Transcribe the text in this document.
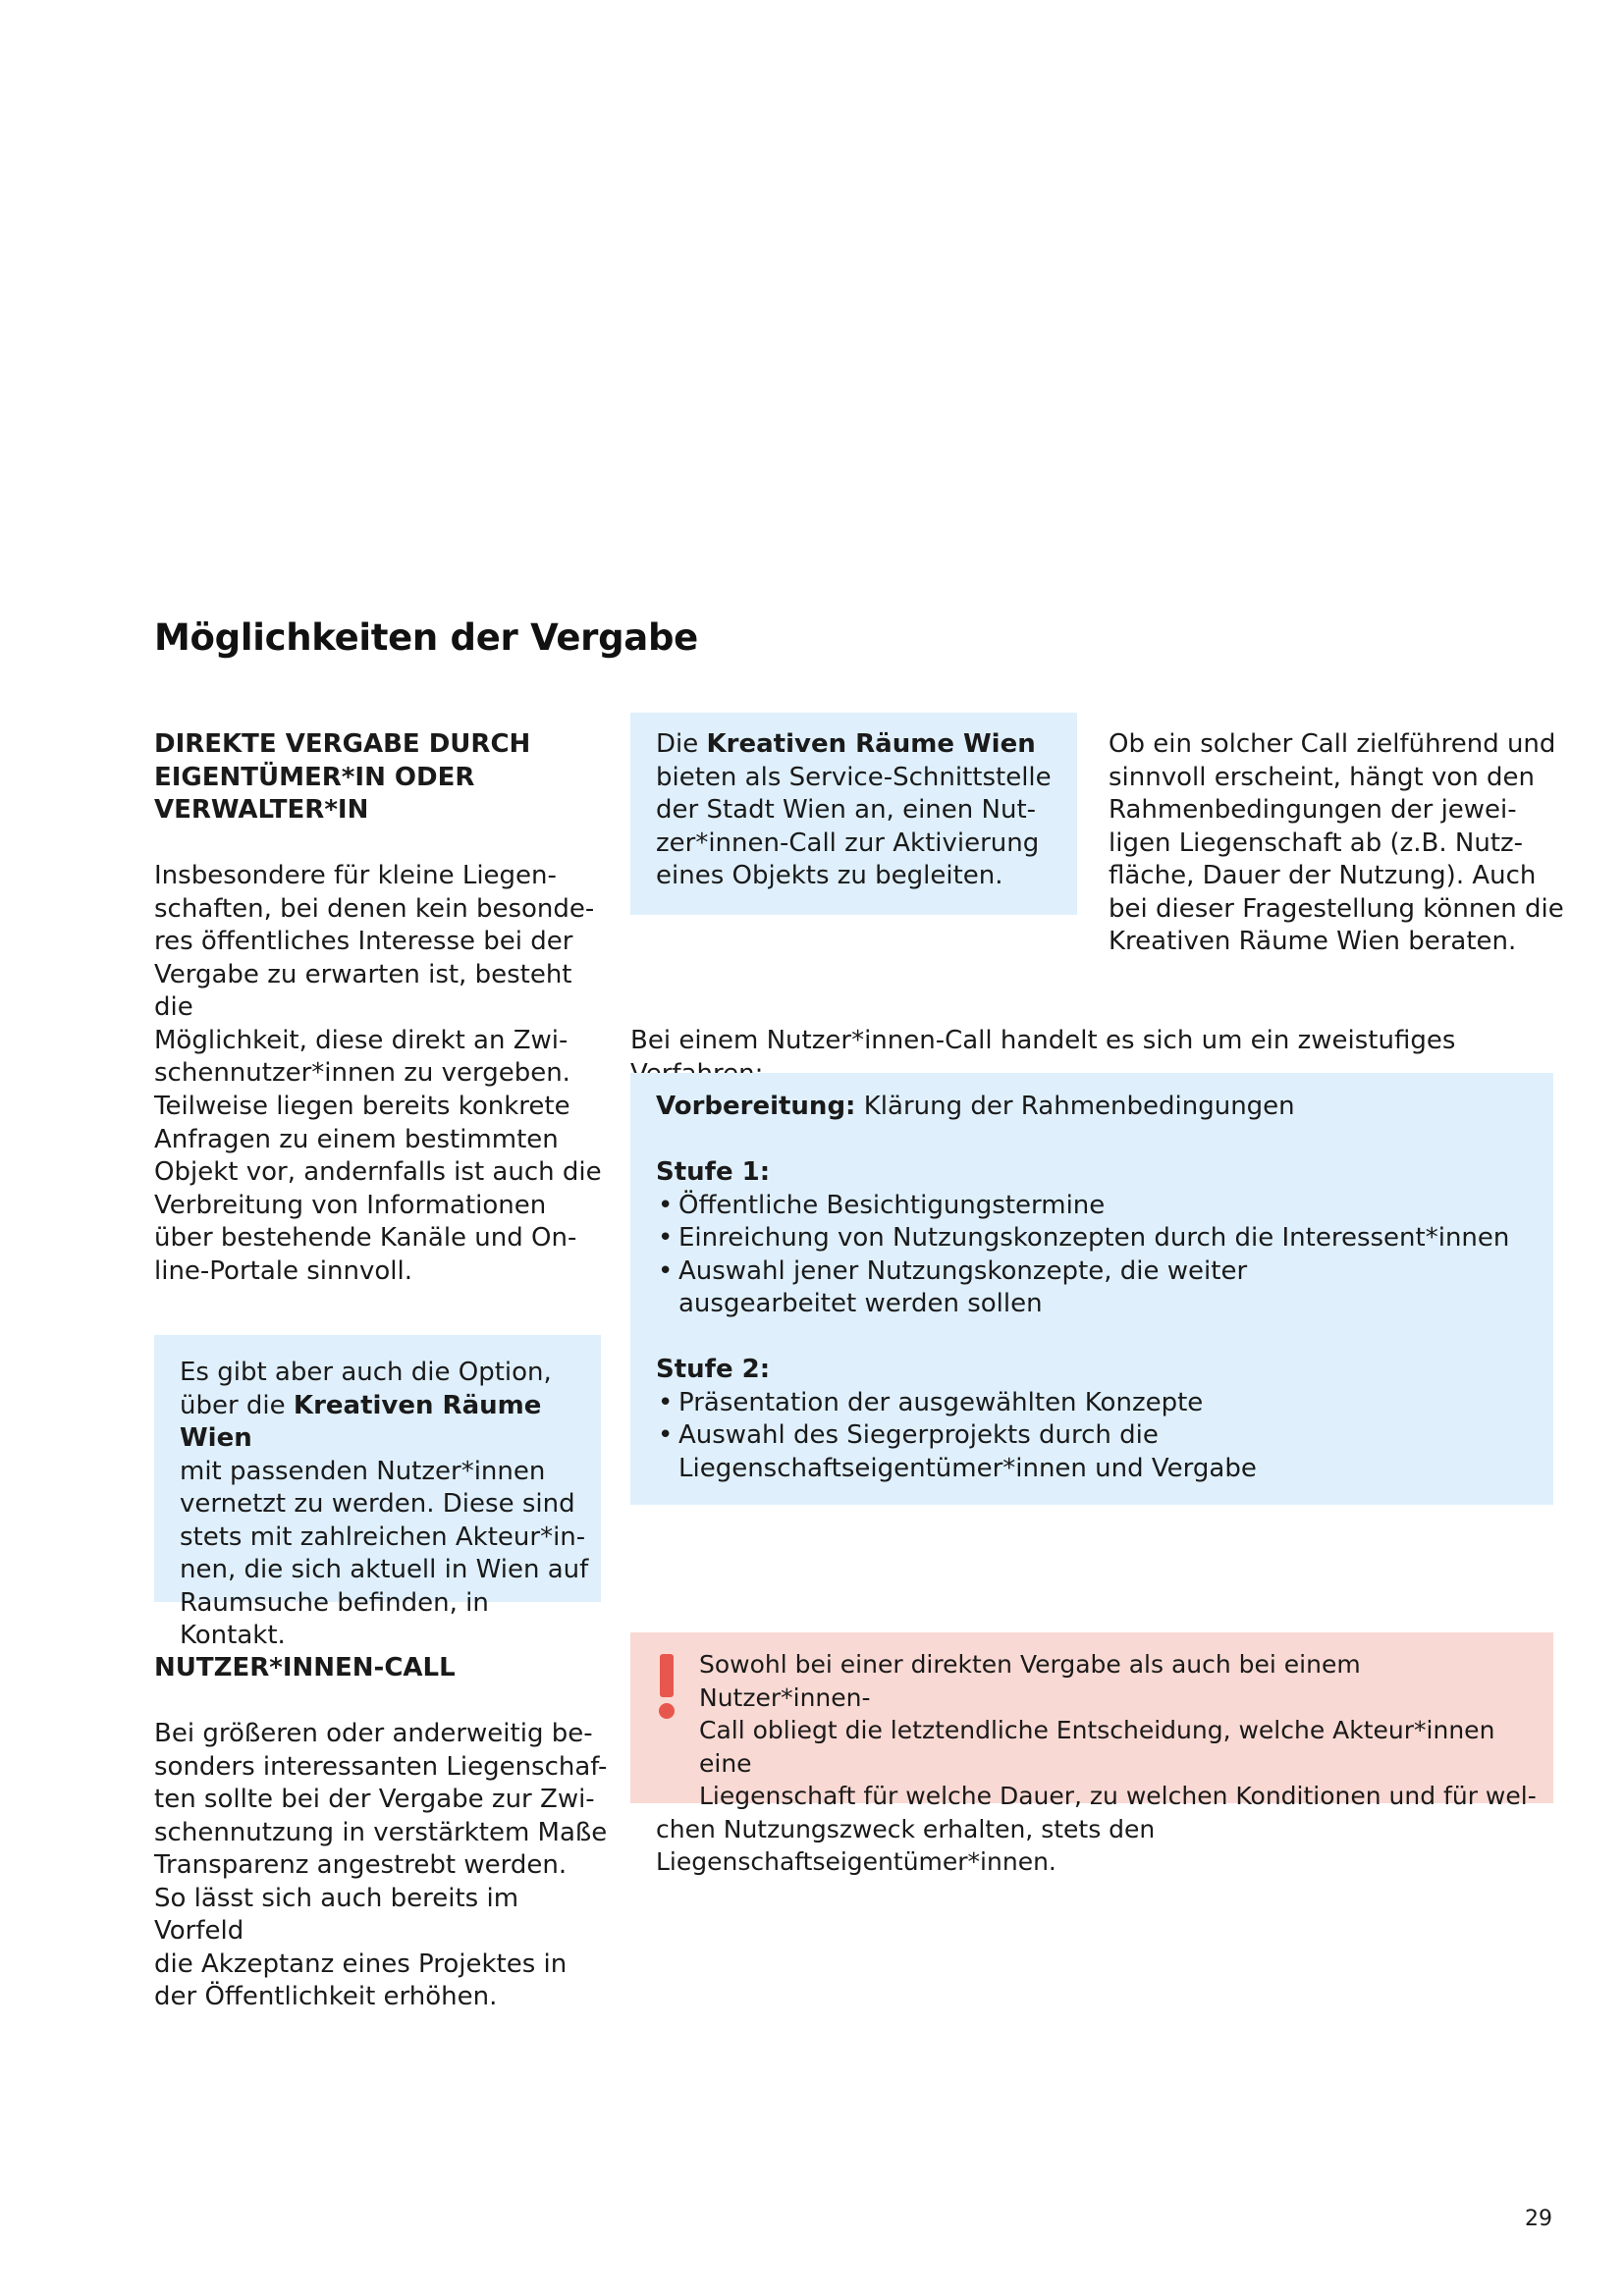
Möglichkeiten der Vergabe
DIREKTE VERGABE DURCH
EIGENTÜMER*IN ODER
VERWALTER*IN

Insbesondere für kleine Liegen-

schaften, bei denen kein besonde-

res öffentliches Interesse bei der

Vergabe zu erwarten ist, besteht die

Möglichkeit, diese direkt an Zwi-

schennutzer*innen zu vergeben.

Teilweise liegen bereits konkrete

Anfragen zu einem bestimmten

Objekt vor, andernfalls ist auch die

Verbreitung von Informationen

über bestehende Kanäle und On-

line-Portale sinnvoll.

Es gibt aber auch die Option,

über die Kreativen Räume Wien

mit passenden Nutzer*innen

vernetzt zu werden. Diese sind

stets mit zahlreichen Akteur*in-

nen, die sich aktuell in Wien auf

Raumsuche befinden, in Kontakt.

NUTZER*INNEN-CALL

Bei größeren oder anderweitig be-

sonders interessanten Liegenschaf-

ten sollte bei der Vergabe zur Zwi-

schennutzung in verstärktem Maße

Transparenz angestrebt werden.

So lässt sich auch bereits im Vorfeld

die Akzeptanz eines Projektes in

der Öffentlichkeit erhöhen.

Die Kreativen Räume Wien

bieten als Service-Schnittstelle

der Stadt Wien an, einen Nut-

zer*innen-Call zur Aktivierung

eines Objekts zu begleiten.

Ob ein solcher Call zielführend und

sinnvoll erscheint, hängt von den

Rahmenbedingungen der jewei-

ligen Liegenschaft ab (z.B. Nutz-

fläche, Dauer der Nutzung). Auch

bei dieser Fragestellung können die

Kreativen Räume Wien beraten.

Bei einem Nutzer*innen-Call handelt es sich um ein zweistufiges

Vorbereitung: Klärung der Rahmenbedingungen

Stufe 1:

• Öffentliche Besichtigungstermine
• Einreichung von Nutzungskonzepten durch die Interessent*innen
• Auswahl jener Nutzungskonzepte, die weiter ausgearbeitet werden sollen

Stufe 2:

• Präsentation der ausgewählten Konzepte
• Auswahl des Siegerprojekts durch die Liegenschaftseigentümer*innen und Vergabe

Sowohl bei einer direkten Vergabe als auch bei einem Nutzer*innen-

Call obliegt die letztendliche Entscheidung, welche Akteur*innen eine

Liegenschaft für welche Dauer, zu welchen Konditionen und für wel-

chen Nutzungszweck erhalten, stets den Liegenschaftseigentümer*innen.

29
